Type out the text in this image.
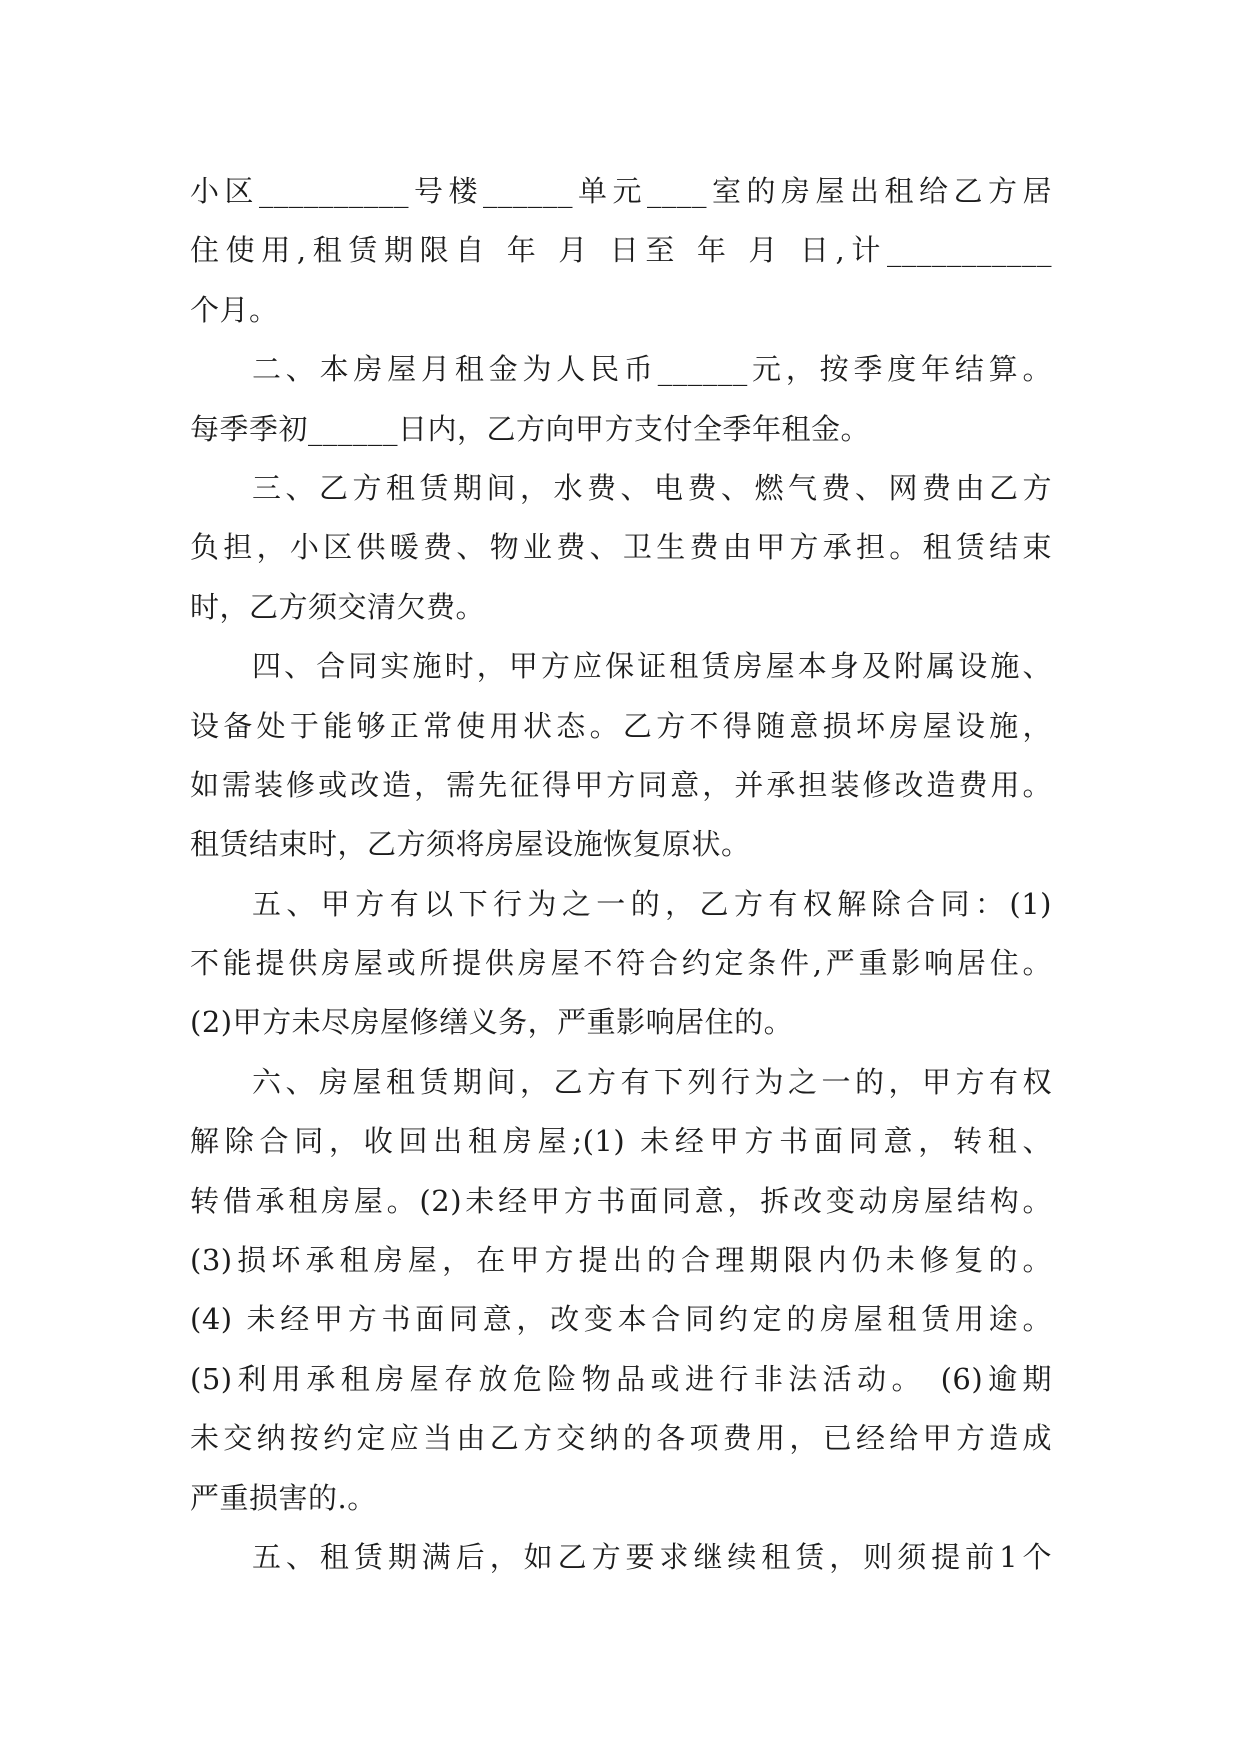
小区__________号楼______单元____室的房屋出租给乙方居
住使用,租赁期限自 年 月 日至 年 月 日,计___________
个月。
二、本房屋月租金为人民币______元，按季度年结算。
每季季初______日内，乙方向甲方支付全季年租金。
三、乙方租赁期间，水费、电费、燃气费、网费由乙方
负担，小区供暖费、物业费、卫生费由甲方承担。租赁结束
时，乙方须交清欠费。
四、合同实施时，甲方应保证租赁房屋本身及附属设施、
设备处于能够正常使用状态。乙方不得随意损坏房屋设施，
如需装修或改造，需先征得甲方同意，并承担装修改造费用。
租赁结束时，乙方须将房屋设施恢复原状。
五、甲方有以下行为之一的，乙方有权解除合同：(1)
不能提供房屋或所提供房屋不符合约定条件,严重影响居住。
(2)甲方未尽房屋修缮义务，严重影响居住的。
六、房屋租赁期间，乙方有下列行为之一的，甲方有权
解除合同，收回出租房屋;(1) 未经甲方书面同意，转租、
转借承租房屋。(2)未经甲方书面同意，拆改变动房屋结构。
(3)损坏承租房屋，在甲方提出的合理期限内仍未修复的。
(4) 未经甲方书面同意，改变本合同约定的房屋租赁用途。
(5)利用承租房屋存放危险物品或进行非法活动。 (6)逾期
未交纳按约定应当由乙方交纳的各项费用，已经给甲方造成
严重损害的.。
五、租赁期满后，如乙方要求继续租赁，则须提前1个
